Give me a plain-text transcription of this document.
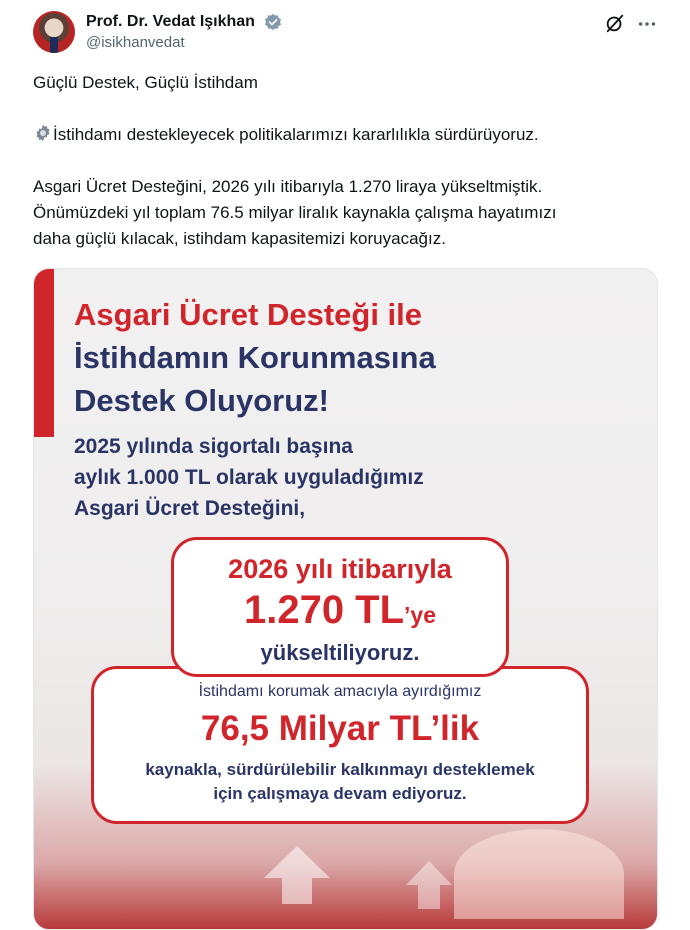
Prof. Dr. Vedat Işıkhan
@isikhanvedat

Güçlü Destek, Güçlü İstihdam

İstihdamı destekleyecek politikalarımızı kararlılıkla sürdürüyoruz.

Asgari Ücret Desteğini, 2026 yılı itibarıyla 1.270 liraya yükseltmiştik.

Önümüzdeki yıl toplam 76.5 milyar liralık kaynakla çalışma hayatımızı

daha güçlü kılacak, istihdam kapasitemizi koruyacağız.

Asgari Ücret Desteği ile
İstihdamın Korunmasına
Destek Oluyoruz!
2025 yılında sigortalı başına
aylık 1.000 TL olarak uyguladığımız
Asgari Ücret Desteğini,
İstihdamı korumak amacıyla ayırdığımız
76,5 Milyar TL’lik
kaynakla, sürdürülebilir kalkınmayı desteklemek
için çalışmaya devam ediyoruz.
2026 yılı itibarıyla
1.270 TL’ye
yükseltiliyoruz.
